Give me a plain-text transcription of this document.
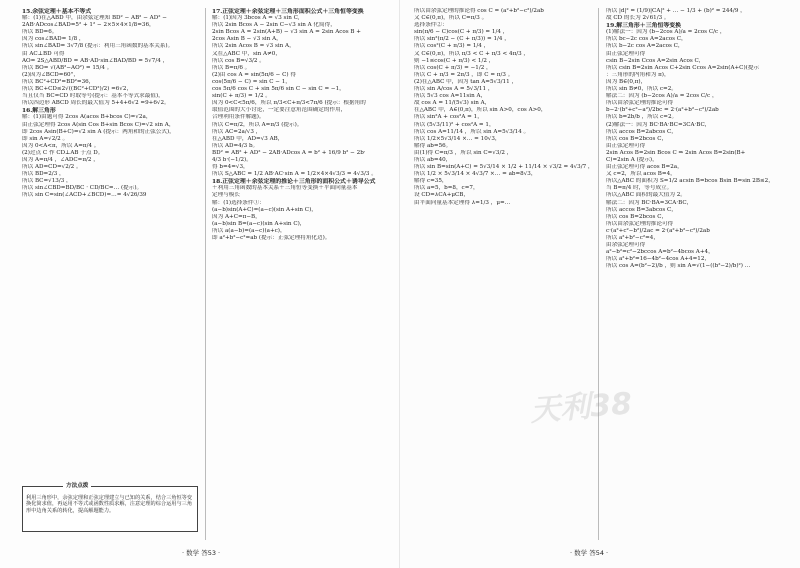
15.余弦定理＋基本不等式
解：(1)在△ABD 中，由余弦定理知 BD² − AB² − AD² −
2AB·ADcos∠BAD=5² + 1² − 2×5×4×1/8=36，
所以 BD=6。
因为 cos∠BAD= 1/8 ，
所以 sin∠BAD= 3√7/8 (提示：利用三角函数的基本关系)。
由 AC⊥BD 可得
AO= 2S△ABD/BD = AB·AD·sin∠BAD/BD = 5√7/4 ，
所以 BO= √(AB²−AO²) = 15/4 。
(2)因为∠BCD=60°，
所以 BC²+CD²=BD²=36，
所以 BC+CD≤2√((BC²+CD²)/2) =6√2，
当且仅当 BC=CD 时取等号(提示：基本不等式求最值)，
所以四边形 ABCD 周长的最大值为 5+4+6√2 =9+6√2。
16.解三角形
解：(1)由题可得 2cos A(acos B+bcos C)=√2a，
由正弦定理得 2cos A(sin Cos B+sin Bcos C)=√2 sin A，
即 2cos Asin(B+C)=√2 sin A (提示：两角和的正弦公式)，
即 sin A=√2/2 。
因为 0<A<π，所以 A=π/4 。
(2)过点 C 作 CD⊥AB 于点 D。
因为 A=π/4 ，∠ADC=π/2 ，
所以 AD=CD=√2/2 。
所以 BD=2/3 ，
所以 BC=√13/3 ，
所以 sin∠CBD=BD/BC · CD/BC=… (提示)。
所以 sin C=sin(∠ACD+∠BCD)=…= 4√26/39
17.正弦定理＋余弦定理＋三角形面积公式＋三角恒等变换
解：(1)因为 3bcos A = √3 sin C,
所以 2sin Bcos A − 2sin C−√3 sin A 化简得，
2sin Bcos A = 2sin(A+B) − √3 sin A = 2sin Acos B +
2cos Asin B − √3 sin A，
所以 2sin Acos B = √3 sin A，
又在△ABC 中，sin A≠0，
所以 cos B=√3/2 。
所以 B=π/6 。
(2)由 cos A = sin(5π/6 − C) 得
cos(5π/6 − C) = sin C − 1，
cos 5π/6 cos C + sin 5π/6 sin C − sin C = −1，
sin(C + π/3) = 1/2 。
因为 0<C<5π/6，所以 π/3<C+π/3<7π/6 (提示：根据角的
取值范围的大小讨论，一定要注意角范围确定的作用，
合理利用条件解题)。
所以 C=π/2，所以 A=π/3 (提示)。
所以 AC=2a/√3 ，
在△ABD 中，AD=√3 AB，
所以 AD=4/3 b。
BD² = AB² + AD² − 2AB·ADcos A = b² + 16/9 b² − 2b·
4/3 b·(−1/2)。
得 b=4=√3，
所以 S△ABC = 1/2 AB·AC·sin A = 1/2×4×4√3/3 = 4√3/3 。
18.正弦定理＋余弦定理的推论＋三角形的面积公式＋诱导公式
＋利用三角函数的基本关系＋三角恒等变换＋平面向量基本
定理与模长
解：(1)选择条件①：
(a−b)sin(A+C)=(a−c)(sin A+sin C)，
因为 A+C=π−B，
(a−b)sin B=(a−c)(sin A+sin C)，
所以 a(a−b)=(a−c)(a+c)，
即 a²+b²−c²=ab (提示：正弦定理将角化边)。
方法点拨
利用三角形中，余弦定理和正弦定理建立与已知的关系，结合三角恒等变换化简求值，再运用不等式或函数性质求解，注意定理的综合运用与三角形中边角关系的转化，提高解题能力。
· 数学 答53 ·
所以由余弦定理的推论得 cos C = (a²+b²−c²)/2ab
又 C∈(0,π)，所以 C=π/3 。
选择条件②：
sin(π/6 − C)cos(C + π/3) = 1/4 ，
所以 sin²(π/2 − (C + π/3)) = 1/4 ，
所以 cos²(C + π/3) = 1/4 ，
又 C∈(0,π)，所以 π/3 < C + π/3 < 4π/3 ，
则 −1≤cos(C + π/3) < 1/2 ，
所以 cos(C + π/3) = −1/2 ，
所以 C + π/3 = 2π/3 ，即 C = π/3 。
(2)在△ABC 中，因为 tan A=5√3/11 ，
所以 sin A/cos A = 5√3/11 ，
所以 5√3 cos A=11sin A，
故 cos A = 11/(5√3) sin A，
在△ABC 中，A∈(0,π)，所以 sin A>0，cos A>0，
所以 sin²A + cos²A = 1，
所以 (5√3/11)² + cos²A = 1，
所以 cos A=11/14 ，所以 sin A=5√3/14 。
所以 1/2×5√3/14 ×… = 10√3，
解得 ab=56。
由(1)得 C=π/3 ，所以 sin C=√3/2 ，
所以 ab=40，
所以 sin B=sin(A+C) = 5√3/14 × 1/2 + 11/14 × √3/2 = 4√3/7 ，
所以 1/2 × 5√3/14 × 4√3/7 ×… = ab=8√3，
解得 c=35，
所以 a=5，b=8，c=7，
设 CD=λCA+μCB，
由平面向量基本定理得 λ=1/3 ，μ=…
所以 |d|² = (1/9)|CA|² + … − 1/3 + (b)² = 244/9 ，
故 CD 的长为 2√61/3 。
19.解三角形＋三角恒等变换
(1)解法一：因为 (b−2cos A)/a = 2cos C/c ，
所以 bc−2c cos A=2acos C，
所以 b−2c cos A=2acos C，
由正弦定理可得
csin B−2sin Ccos A=2sin Acos C，
所以 csin B=2sin Acos C+2sin Ccos A=2sin(A+C)(提示
：三角形的内角和为 π)，
因为 B∈(0,π)，
所以 sin B≠0，所以 c=2。
解法二：因为 (b−2cos A)/a = 2cos C/c ，
所以由余弦定理的推论可得
b−2·(b²+c²−a²)/2bc = 2·(a²+b²−c²)/2ab
所以 b=2b/b ，所以 c=2。
(2)解法一：因为 BC·BA·BC=3CA·BC，
所以 accos B=2abcos C，
所以 cos B=2bcos C，
由正弦定理可得
2sin Acos B=2sin Bcos C ⇒ 2sin Acos B=2sin(B+
C)=2sin A (提示)，
由正弦定理可得 acos B=2a，
又 c=2，所以 acos B=4，
所以△ABC 的面积为 S=1/2 acsin B=bcos Bsin B=sin 2B≤2，
当 B=π/4 时，等号成立。
所以△ABC 面积的最大值为 2。
解法二：因为 BC·BA=3CA·BC，
所以 accos B=3abcos C，
所以 cos B=2bcos C，
所以由余弦定理的推论可得
c·(a²+c²−b²)/2ac = 2·(a²+b²−c²)/2ab
所以 a²+b²−c²=4，
由余弦定理可得
a²−b²=c²−2bccos A=b²−4bcos A+4，
所以 a²+b²=16−4b²−4cos A+4=12，
所以 cos A=(b²−2)/b ，则 sin A=√(1−((b²−2)/b)²) …
· 数学 答54 ·
天利38
